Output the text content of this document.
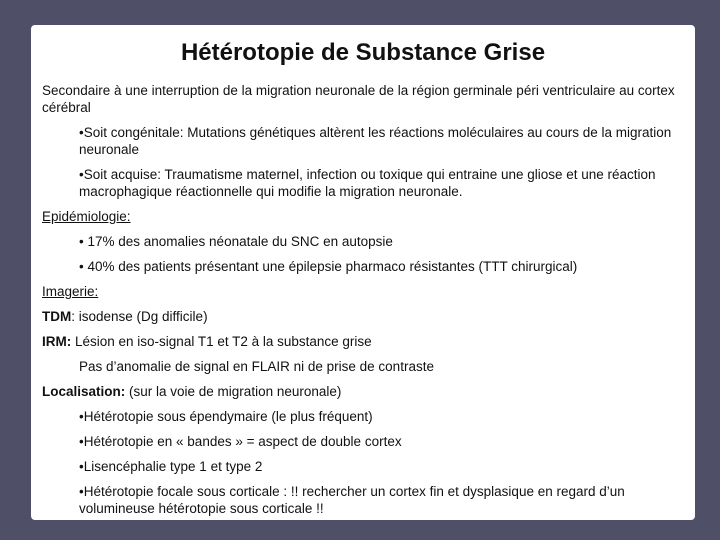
Hétérotopie de Substance Grise

Secondaire à une interruption de la migration neuronale de la région germinale péri ventriculaire au cortex cérébral

•Soit congénitale: Mutations génétiques altèrent les réactions moléculaires au cours de la migration neuronale

•Soit acquise: Traumatisme maternel, infection ou toxique qui entraine une gliose et une réaction macrophagique réactionnelle qui modifie la migration neuronale.

Epidémiologie:

• 17% des anomalies néonatale du SNC en autopsie

• 40% des patients présentant une épilepsie pharmaco résistantes (TTT chirurgical)

Imagerie:

TDM: isodense (Dg difficile)

IRM: Lésion en iso-signal T1 et T2 à la substance grise

Pas d’anomalie de signal en FLAIR ni de prise de contraste

Localisation: (sur la voie de migration neuronale)

•Hétérotopie sous épendymaire (le plus fréquent)

•Hétérotopie en « bandes » = aspect de double cortex

•Lisencéphalie type 1 et type 2

•Hétérotopie focale sous corticale : !! rechercher un cortex fin et dysplasique en regard d’un volumineuse hétérotopie sous corticale !!
